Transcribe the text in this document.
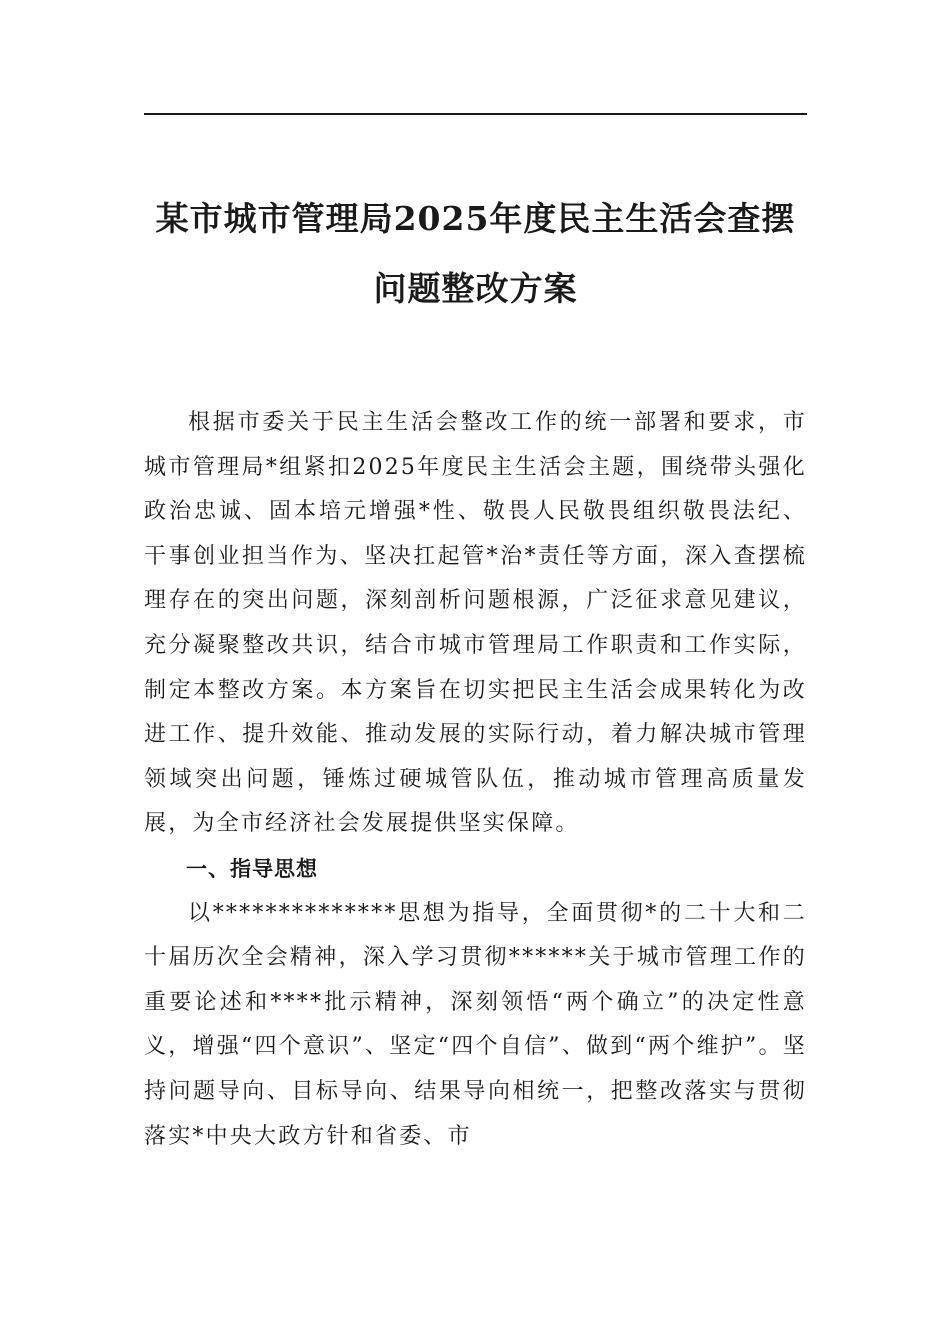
某市城市管理局2025年度民主生活会查摆
问题整改方案

根据市委关于民主生活会整改工作的统一部署和要求，市城市管理局*组紧扣2025年度民主生活会主题，围绕带头强化政治忠诚、固本培元增强*性、敬畏人民敬畏组织敬畏法纪、干事创业担当作为、坚决扛起管*治*责任等方面，深入查摆梳理存在的突出问题，深刻剖析问题根源，广泛征求意见建议，充分凝聚整改共识，结合市城市管理局工作职责和工作实际，制定本整改方案。本方案旨在切实把民主生活会成果转化为改进工作、提升效能、推动发展的实际行动，着力解决城市管理领域突出问题，锤炼过硬城管队伍，推动城市管理高质量发展，为全市经济社会发展提供坚实保障。

一、指导思想

以**************思想为指导，全面贯彻*的二十大和二十届历次全会精神，深入学习贯彻******关于城市管理工作的重要论述和****批示精神，深刻领悟“两个确立”的决定性意义，增强“四个意识”、坚定“四个自信”、做到“两个维护”。坚持问题导向、目标导向、结果导向相统一，把整改落实与贯彻落实*中央大政方针和省委、市
